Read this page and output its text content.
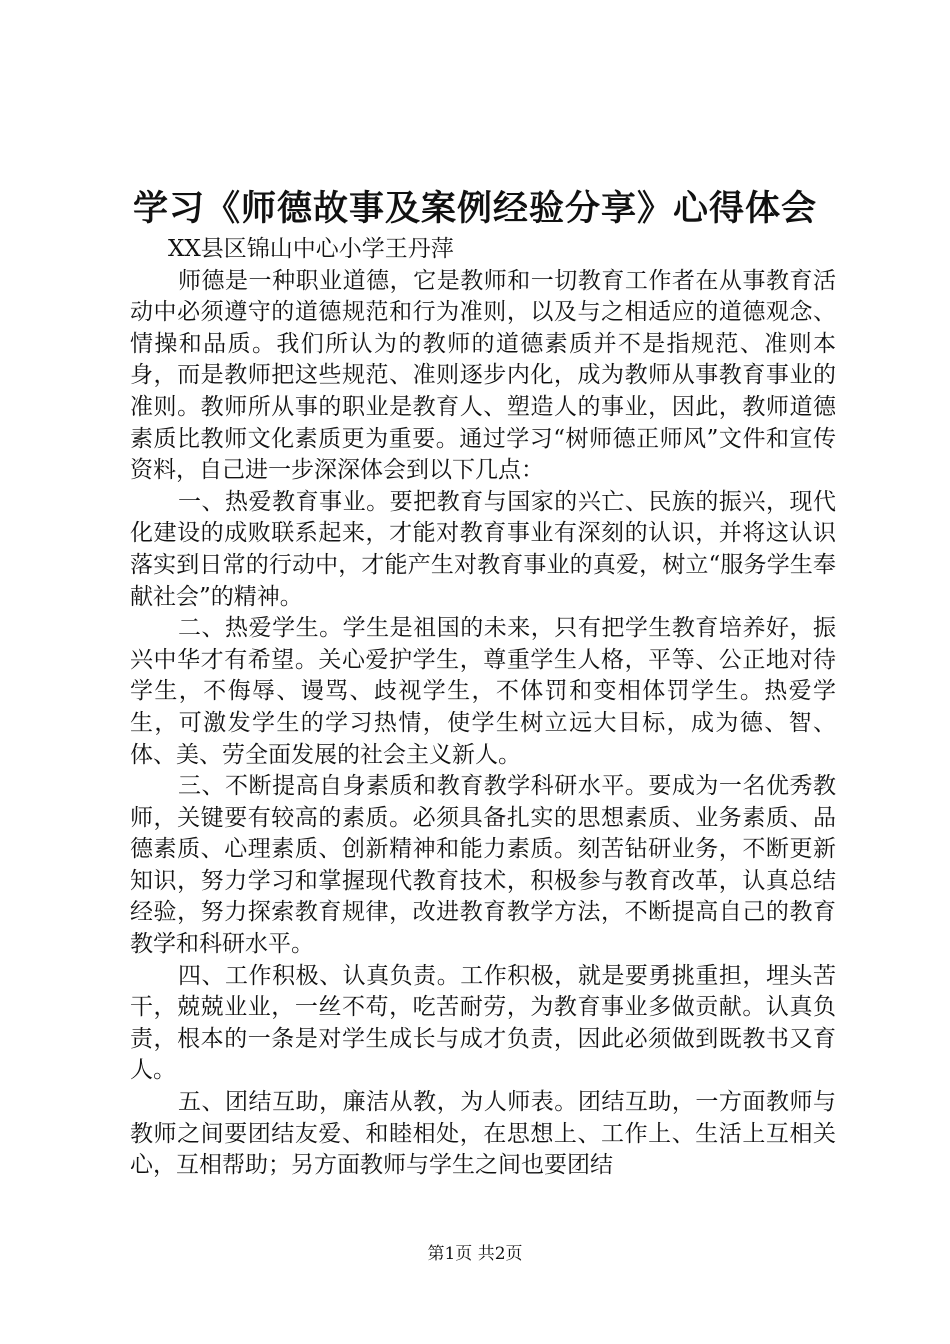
学习《师德故事及案例经验分享》心得体会

XX县区锦山中心小学王丹萍

师德是一种职业道德，它是教师和一切教育工作者在从事教育活动中必须遵守的道德规范和行为准则，以及与之相适应的道德观念、情操和品质。我们所认为的教师的道德素质并不是指规范、准则本身，而是教师把这些规范、准则逐步内化，成为教师从事教育事业的准则。教师所从事的职业是教育人、塑造人的事业，因此，教师道德素质比教师文化素质更为重要。通过学习“树师德正师风”文件和宣传资料，自己进一步深深体会到以下几点：

一、热爱教育事业。要把教育与国家的兴亡、民族的振兴，现代化建设的成败联系起来，才能对教育事业有深刻的认识，并将这认识落实到日常的行动中，才能产生对教育事业的真爱，树立“服务学生奉献社会”的精神。

二、热爱学生。学生是祖国的未来，只有把学生教育培养好，振兴中华才有希望。关心爱护学生，尊重学生人格，平等、公正地对待学生，不侮辱、谩骂、歧视学生，不体罚和变相体罚学生。热爱学生，可激发学生的学习热情，使学生树立远大目标，成为德、智、体、美、劳全面发展的社会主义新人。

三、不断提高自身素质和教育教学科研水平。要成为一名优秀教师，关键要有较高的素质。必须具备扎实的思想素质、业务素质、品德素质、心理素质、创新精神和能力素质。刻苦钻研业务，不断更新知识，努力学习和掌握现代教育技术，积极参与教育改革，认真总结经验，努力探索教育规律，改进教育教学方法，不断提高自己的教育教学和科研水平。

四、工作积极、认真负责。工作积极，就是要勇挑重担，埋头苦干，兢兢业业，一丝不苟，吃苦耐劳，为教育事业多做贡献。认真负责，根本的一条是对学生成长与成才负责，因此必须做到既教书又育人。

五、团结互助，廉洁从教，为人师表。团结互助，一方面教师与教师之间要团结友爱、和睦相处，在思想上、工作上、生活上互相关心，互相帮助；另方面教师与学生之间也要团结

第1页 共2页
